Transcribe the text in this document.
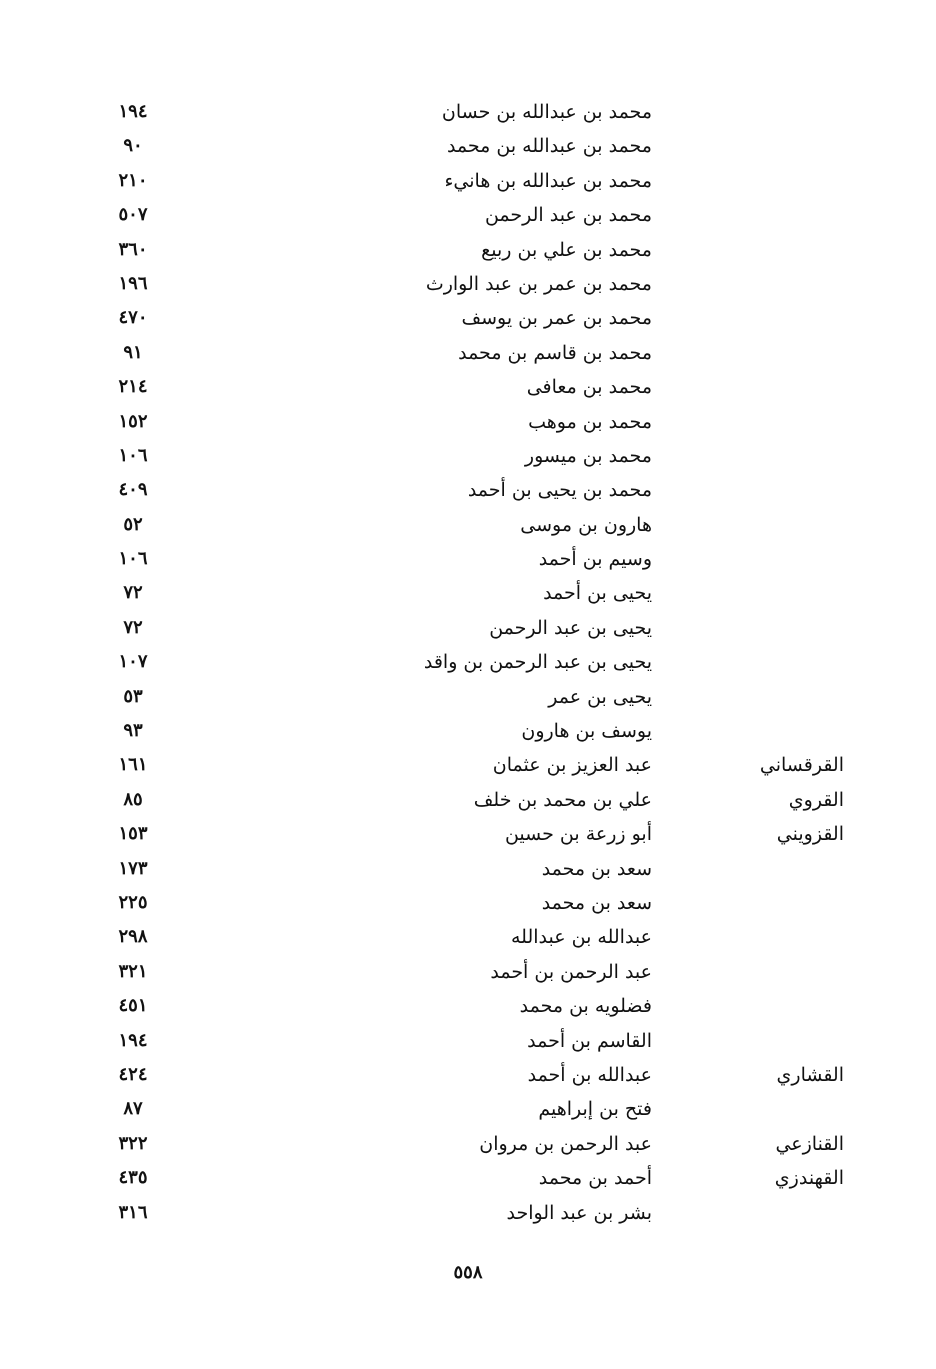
محمد بن عبدالله بن حسان
١٩٤
محمد بن عبدالله بن محمد
٩٠
محمد بن عبدالله بن هانيء
٢١٠
محمد بن عبد الرحمن
٥٠٧
محمد بن علي بن ربيع
٣٦٠
محمد بن عمر بن عبد الوارث
١٩٦
محمد بن عمر بن يوسف
٤٧٠
محمد بن قاسم بن محمد
٩١
محمد بن معافى
٢١٤
محمد بن موهب
١٥٢
محمد بن ميسور
١٠٦
محمد بن يحيى بن أحمد
٤٠٩
هارون بن موسى
٥٢
وسيم بن أحمد
١٠٦
يحيى بن أحمد
٧٢
يحيى بن عبد الرحمن
٧٢
يحيى بن عبد الرحمن بن واقد
١٠٧
يحيى بن عمر
٥٣
يوسف بن هارون
٩٣
القرقساني
عبد العزيز بن عثمان
١٦١
القروي
علي بن محمد بن خلف
٨٥
القزويني
أبو زرعة بن حسين
١٥٣
سعد بن محمد
١٧٣
سعد بن محمد
٢٢٥
عبدالله بن عبدالله
٢٩٨
عبد الرحمن بن أحمد
٣٢١
فضلويه بن محمد
٤٥١
القاسم بن أحمد
١٩٤
القشاري
عبدالله بن أحمد
٤٢٤
فتح بن إبراهيم
٨٧
القنازعي
عبد الرحمن بن مروان
٣٢٢
القهندزي
أحمد بن محمد
٤٣٥
بشر بن عبد الواحد
٣١٦
٥٥٨
